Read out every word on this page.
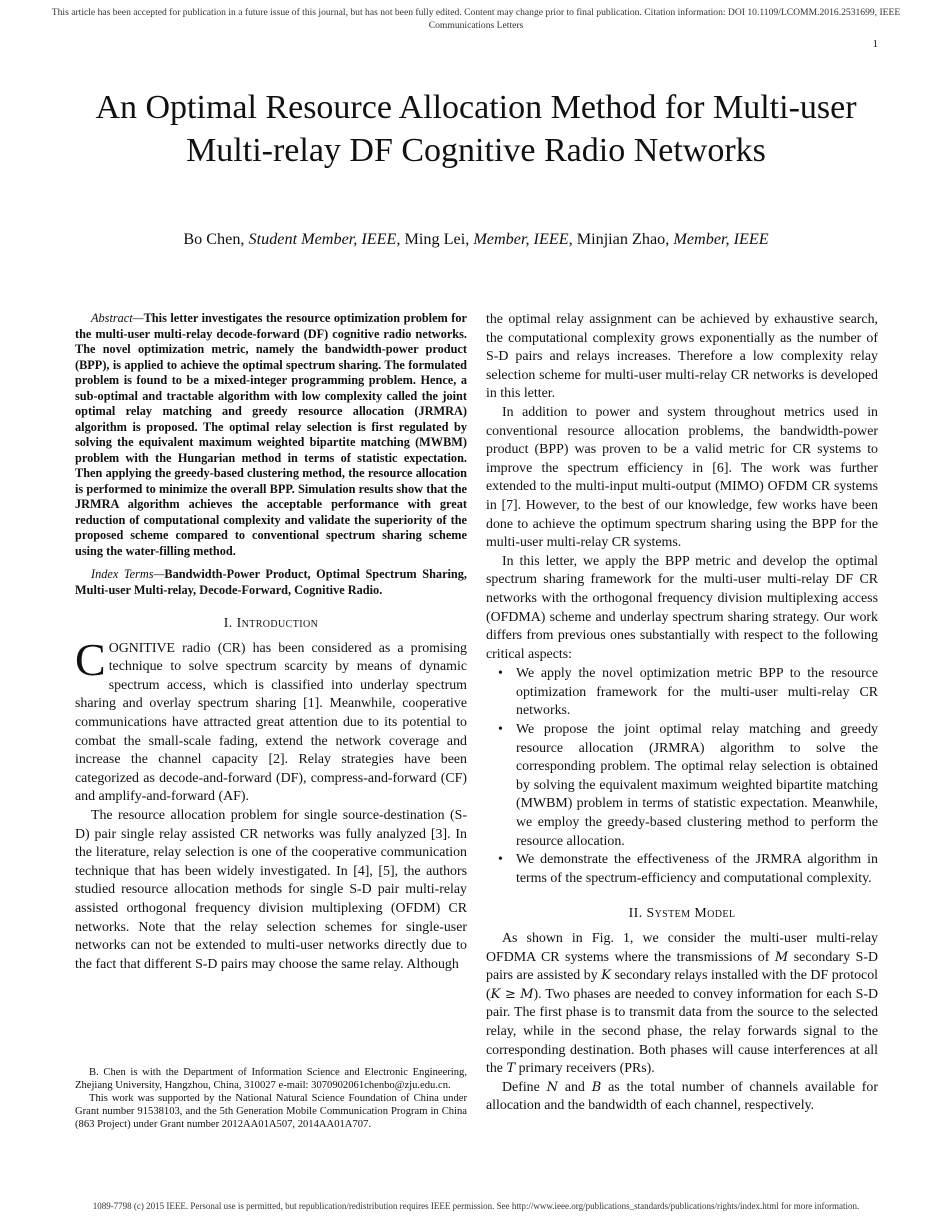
This article has been accepted for publication in a future issue of this journal, but has not been fully edited. Content may change prior to final publication. Citation information: DOI 10.1109/LCOMM.2016.2531699, IEEE
Communications Letters
1
An Optimal Resource Allocation Method for Multi-user Multi-relay DF Cognitive Radio Networks
Bo Chen, Student Member, IEEE, Ming Lei, Member, IEEE, Minjian Zhao, Member, IEEE

Abstract—This letter investigates the resource optimization problem for the multi-user multi-relay decode-forward (DF) cognitive radio networks. The novel optimization metric, namely the bandwidth-power product (BPP), is applied to achieve the optimal spectrum sharing. The formulated problem is found to be a mixed-integer programming problem. Hence, a sub-optimal and tractable algorithm with low complexity called the joint optimal relay matching and greedy resource allocation (JRMRA) algorithm is proposed. The optimal relay selection is first regulated by solving the equivalent maximum weighted bipartite matching (MWBM) problem with the Hungarian method in terms of statistic expectation. Then applying the greedy-based clustering method, the resource allocation is performed to minimize the overall BPP. Simulation results show that the JRMRA algorithm achieves the acceptable performance with great reduction of computational complexity and validate the superiority of the proposed scheme compared to conventional spectrum sharing scheme using the water-filling method.

Index Terms—Bandwidth-Power Product, Optimal Spectrum Sharing, Multi-user Multi-relay, Decode-Forward, Cognitive Radio.

I. Introduction

COGNITIVE radio (CR) has been considered as a promising technique to solve spectrum scarcity by means of dynamic spectrum access, which is classified into underlay spectrum sharing and overlay spectrum sharing [1]. Meanwhile, cooperative communications have attracted great attention due to its potential to combat the small-scale fading, extend the network coverage and increase the channel capacity [2]. Relay strategies have been categorized as decode-and-forward (DF), compress-and-forward (CF) and amplify-and-forward (AF).

The resource allocation problem for single source-destination (S-D) pair single relay assisted CR networks was fully analyzed [3]. In the literature, relay selection is one of the cooperative communication technique that has been widely investigated. In [4], [5], the authors studied resource allocation methods for single S-D pair multi-relay assisted orthogonal frequency division multiplexing (OFDM) CR networks. Note that the relay selection schemes for single-user networks can not be extended to multi-user networks directly due to the fact that different S-D pairs may choose the same relay. Although

B. Chen is with the Department of Information Science and Electronic Engineering, Zhejiang University, Hangzhou, China, 310027 e-mail: 3070902061chenbo@zju.edu.cn.

This work was supported by the National Natural Science Foundation of China under Grant number 91538103, and the 5th Generation Mobile Communication Program in China (863 Project) under Grant number 2012AA01A507, 2014AA01A707.

the optimal relay assignment can be achieved by exhaustive search, the computational complexity grows exponentially as the number of S-D pairs and relays increases. Therefore a low complexity relay selection scheme for multi-user multi-relay CR networks is developed in this letter.

In addition to power and system throughout metrics used in conventional resource allocation problems, the bandwidth-power product (BPP) was proven to be a valid metric for CR systems to improve the spectrum efficiency in [6]. The work was further extended to the multi-input multi-output (MIMO) OFDM CR systems in [7]. However, to the best of our knowledge, few works have been done to achieve the optimum spectrum sharing using the BPP for the multi-user multi-relay CR systems.

In this letter, we apply the BPP metric and develop the optimal spectrum sharing framework for the multi-user multi-relay DF CR networks with the orthogonal frequency division multiplexing access (OFDMA) scheme and underlay spectrum sharing strategy. Our work differs from previous ones substantially with respect to the following critical aspects:

• We apply the novel optimization metric BPP to the resource optimization framework for the multi-user multi-relay CR networks.
• We propose the joint optimal relay matching and greedy resource allocation (JRMRA) algorithm to solve the corresponding problem. The optimal relay selection is obtained by solving the equivalent maximum weighted bipartite matching (MWBM) problem in terms of statistic expectation. Meanwhile, we employ the greedy-based clustering method to perform the resource allocation.
• We demonstrate the effectiveness of the JRMRA algorithm in terms of the spectrum-efficiency and computational complexity.
II. System Model

As shown in Fig. 1, we consider the multi-user multi-relay OFDMA CR systems where the transmissions of M secondary S-D pairs are assisted by K secondary relays installed with the DF protocol (K ≥ M). Two phases are needed to convey information for each S-D pair. The first phase is to transmit data from the source to the selected relay, while in the second phase, the relay forwards signal to the corresponding destination. Both phases will cause interferences at all the T primary receivers (PRs).

Define N and B as the total number of channels available for allocation and the bandwidth of each channel, respectively.

1089-7798 (c) 2015 IEEE. Personal use is permitted, but republication/redistribution requires IEEE permission. See http://www.ieee.org/publications_standards/publications/rights/index.html for more information.
